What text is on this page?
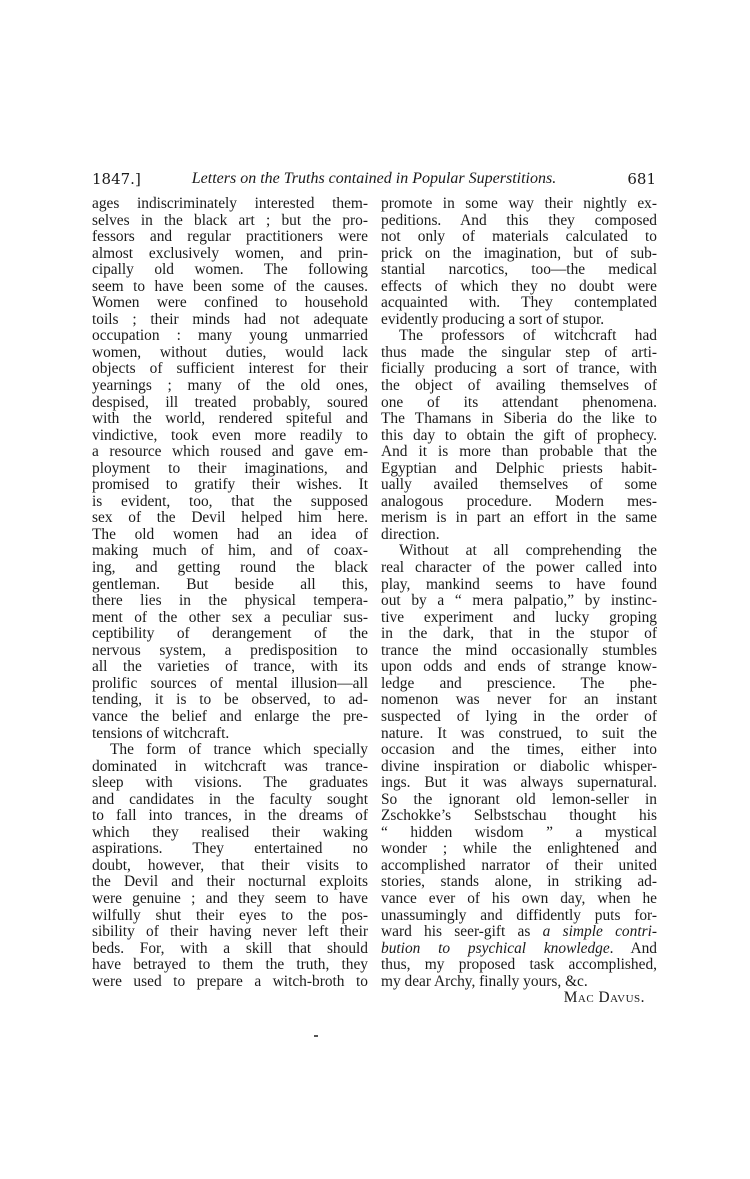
1847.]	Letters on the Truths contained in Popular Superstitions.	681
ages indiscriminately interested them-
selves in the black art ; but the pro-
fessors and regular practitioners were
almost exclusively women, and prin-
cipally old women. The following
seem to have been some of the causes.
Women were confined to household
toils ; their minds had not adequate
occupation : many young unmarried
women, without duties, would lack
objects of sufficient interest for their
yearnings ; many of the old ones,
despised, ill treated probably, soured
with the world, rendered spiteful and
vindictive, took even more readily to
a resource which roused and gave em-
ployment to their imaginations, and
promised to gratify their wishes. It
is evident, too, that the supposed
sex of the Devil helped him here.
The old women had an idea of
making much of him, and of coax-
ing, and getting round the black
gentleman. But beside all this,
there lies in the physical tempera-
ment of the other sex a peculiar sus-
ceptibility of derangement of the
nervous system, a predisposition to
all the varieties of trance, with its
prolific sources of mental illusion—all
tending, it is to be observed, to ad-
vance the belief and enlarge the pre-
tensions of witchcraft.
The form of trance which specially
dominated in witchcraft was trance-
sleep with visions. The graduates
and candidates in the faculty sought
to fall into trances, in the dreams of
which they realised their waking
aspirations. They entertained no
doubt, however, that their visits to
the Devil and their nocturnal exploits
were genuine ; and they seem to have
wilfully shut their eyes to the pos-
sibility of their having never left their
beds. For, with a skill that should
have betrayed to them the truth, they
were used to prepare a witch-broth to
promote in some way their nightly ex-
peditions. And this they composed
not only of materials calculated to
prick on the imagination, but of sub-
stantial narcotics, too—the medical
effects of which they no doubt were
acquainted with. They contemplated
evidently producing a sort of stupor.
The professors of witchcraft had
thus made the singular step of arti-
ficially producing a sort of trance, with
the object of availing themselves of
one of its attendant phenomena.
The Thamans in Siberia do the like to
this day to obtain the gift of prophecy.
And it is more than probable that the
Egyptian and Delphic priests habit-
ually availed themselves of some
analogous procedure. Modern mes-
merism is in part an effort in the same
direction.
Without at all comprehending the
real character of the power called into
play, mankind seems to have found
out by a “ mera palpatio,” by instinc-
tive experiment and lucky groping
in the dark, that in the stupor of
trance the mind occasionally stumbles
upon odds and ends of strange know-
ledge and prescience. The phe-
nomenon was never for an instant
suspected of lying in the order of
nature. It was construed, to suit the
occasion and the times, either into
divine inspiration or diabolic whisper-
ings. But it was always supernatural.
So the ignorant old lemon-seller in
Zschokke’s Selbstschau thought his
“ hidden wisdom ” a mystical
wonder ; while the enlightened and
accomplished narrator of their united
stories, stands alone, in striking ad-
vance ever of his own day, when he
unassumingly and diffidently puts for-
ward his seer-gift as a simple contri-
bution to psychical knowledge. And
thus, my proposed task accomplished,
my dear Archy, finally yours, &c.
Mac Davus.
